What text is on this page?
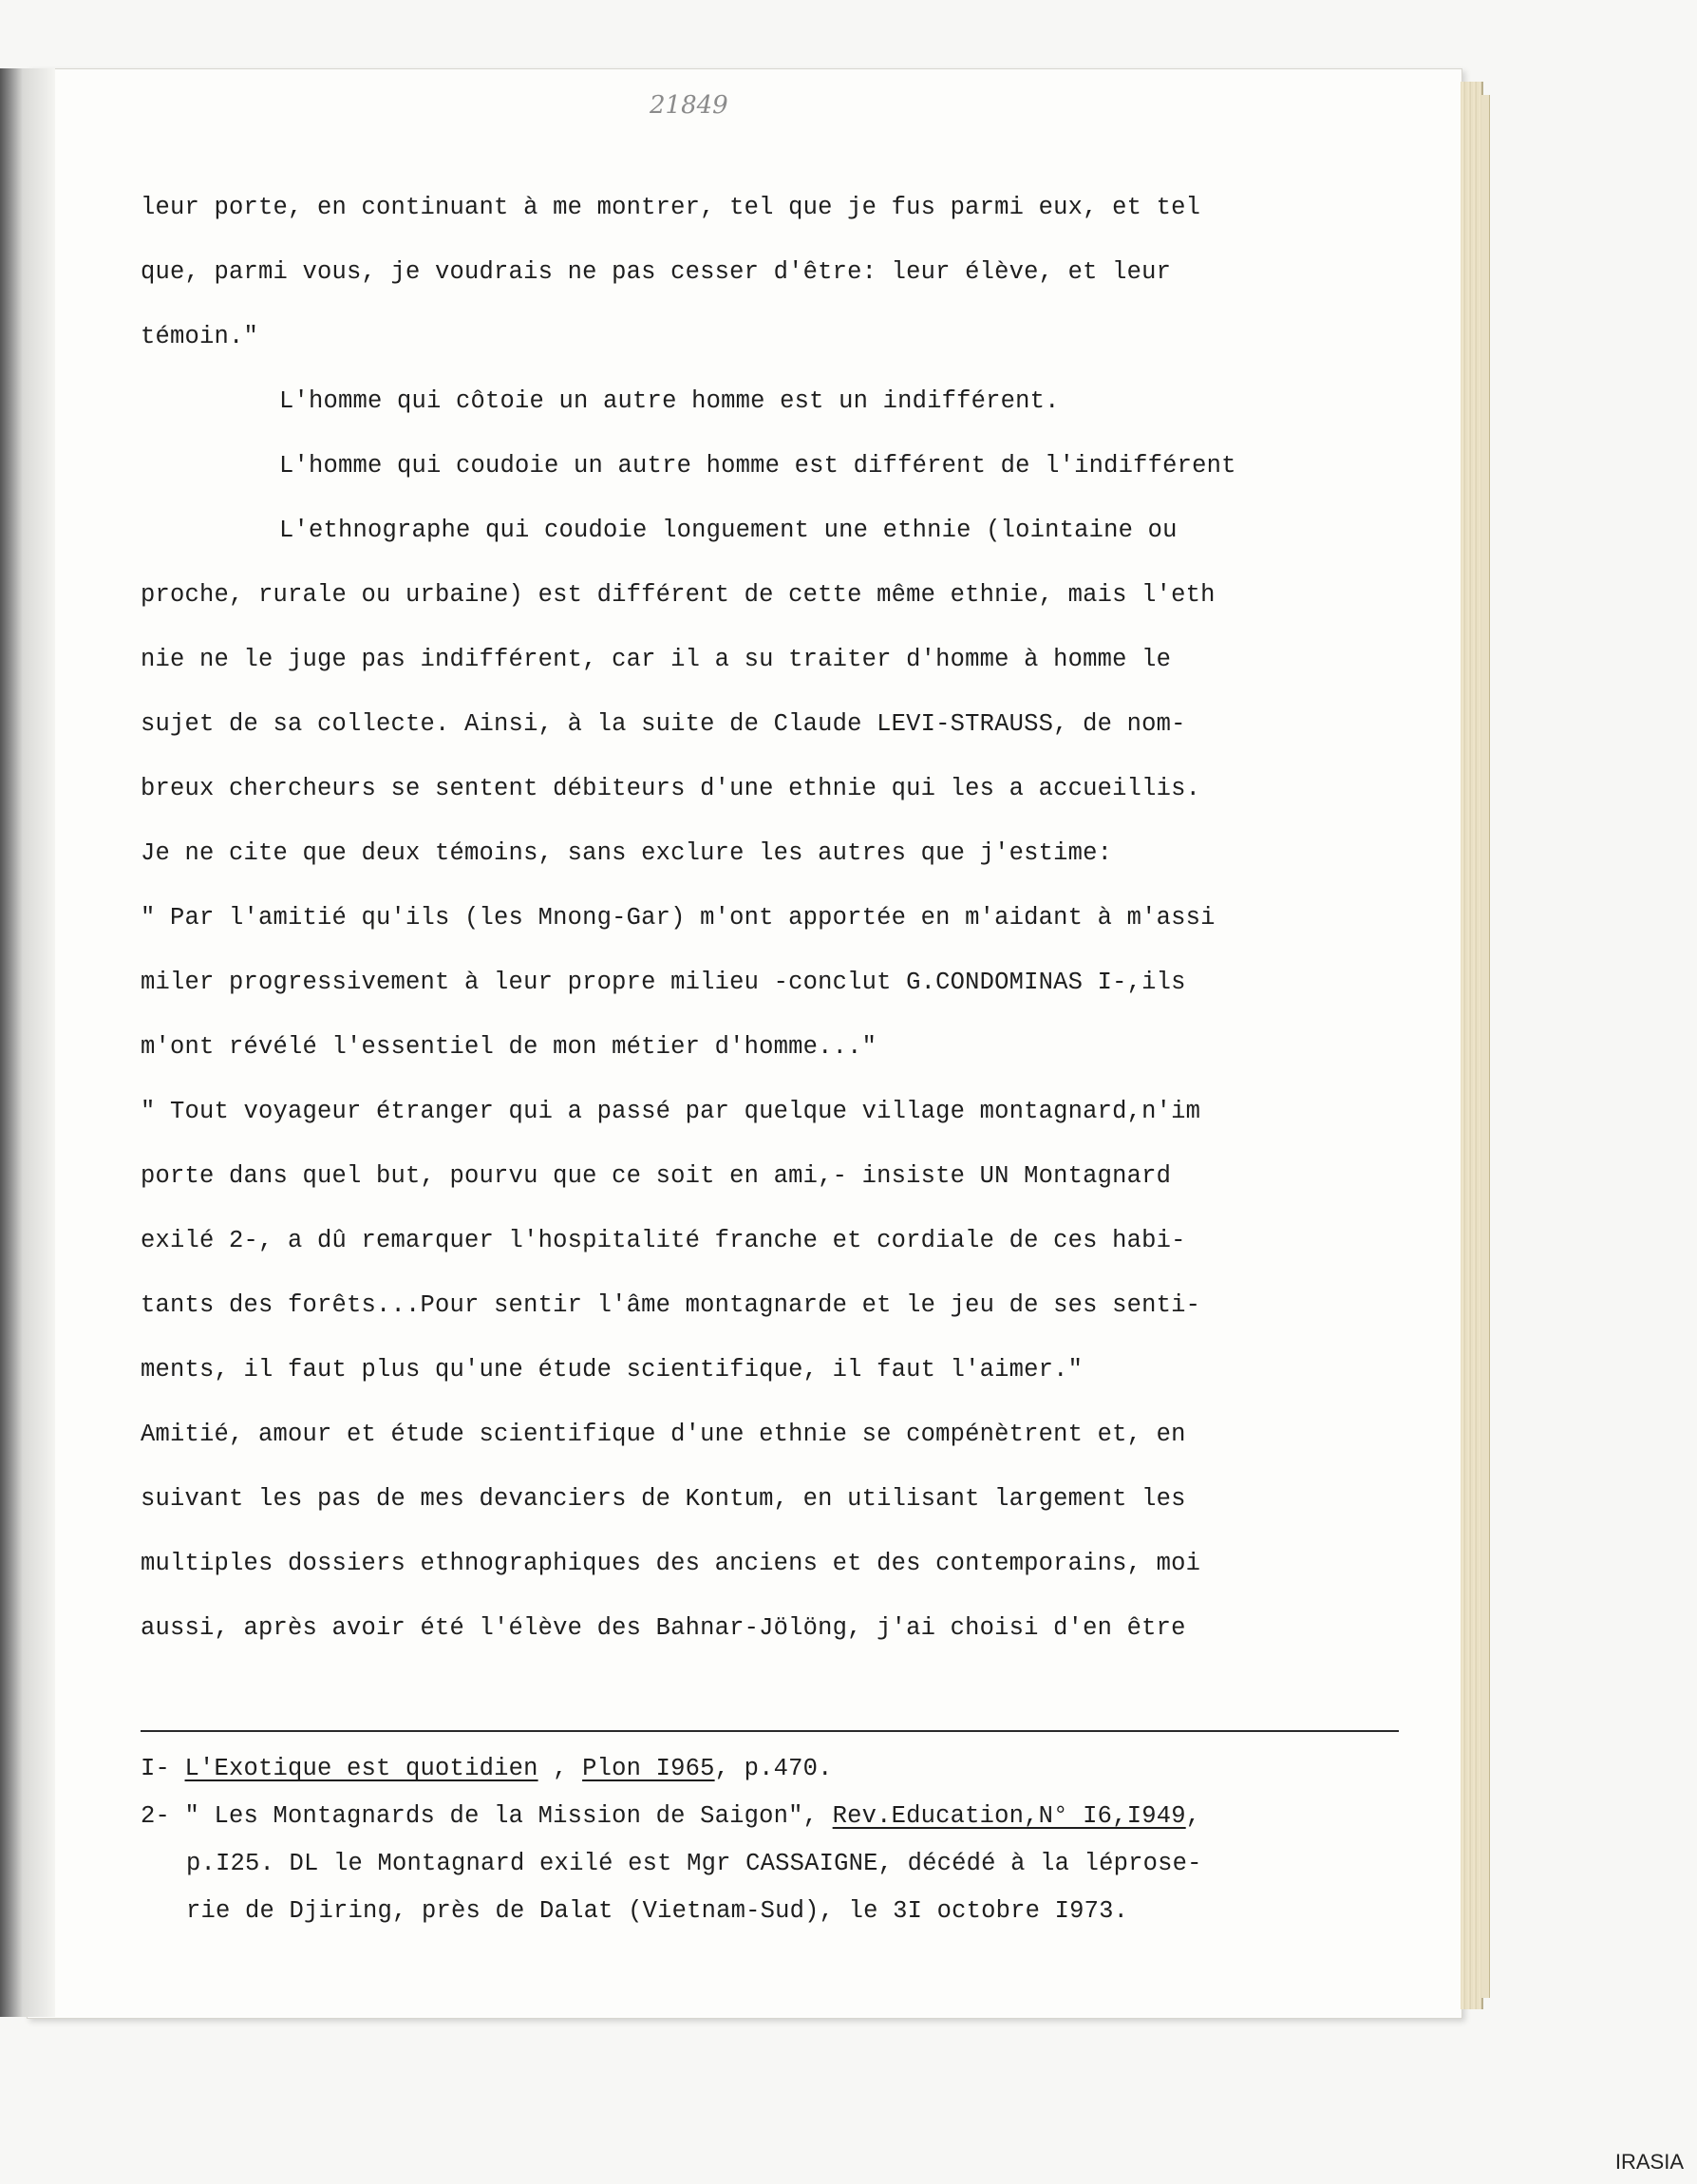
21849
leur porte, en continuant à me montrer, tel que je fus parmi eux, et tel
que, parmi vous, je voudrais ne pas cesser d'être: leur élève, et leur
témoin."
L'homme qui côtoie un autre homme est un indifférent.
L'homme qui coudoie un autre homme est différent de l'indifférent
L'ethnographe qui coudoie longuement une ethnie (lointaine ou
proche, rurale ou urbaine) est différent de cette même ethnie, mais l'eth
nie ne le juge pas indifférent, car il a su traiter d'homme à homme le
sujet de sa collecte. Ainsi, à la suite de Claude LEVI-STRAUSS, de nom-
breux chercheurs se sentent débiteurs d'une ethnie qui les a accueillis.
Je ne cite que deux témoins, sans exclure les autres que j'estime:
" Par l'amitié qu'ils (les Mnong-Gar) m'ont apportée en m'aidant à m'assi
miler progressivement à leur propre milieu -conclut G.CONDOMINAS I-,ils
m'ont révélé l'essentiel de mon métier d'homme..."
" Tout voyageur étranger qui a passé par quelque village montagnard,n'im
porte dans quel but, pourvu que ce soit en ami,- insiste UN Montagnard
exilé 2-, a dû remarquer l'hospitalité franche et cordiale de ces habi-
tants des forêts...Pour sentir l'âme montagnarde et le jeu de ses senti-
ments, il faut plus qu'une étude scientifique, il faut l'aimer."
Amitié, amour et étude scientifique d'une ethnie se compénètrent et, en
suivant les pas de mes devanciers de Kontum, en utilisant largement les
multiples dossiers ethnographiques des anciens et des contemporains, moi
aussi, après avoir été l'élève des Bahnar-Jölöng, j'ai choisi d'en être
I- L'Exotique est quotidien , Plon I965, p.470.
2- " Les Montagnards de la Mission de Saigon", Rev.Education,N° I6,I949,
p.I25. DL le Montagnard exilé est Mgr CASSAIGNE, décédé à la léprose-
rie de Djiring, près de Dalat (Vietnam-Sud), le 3I octobre I973.
IRASIA
